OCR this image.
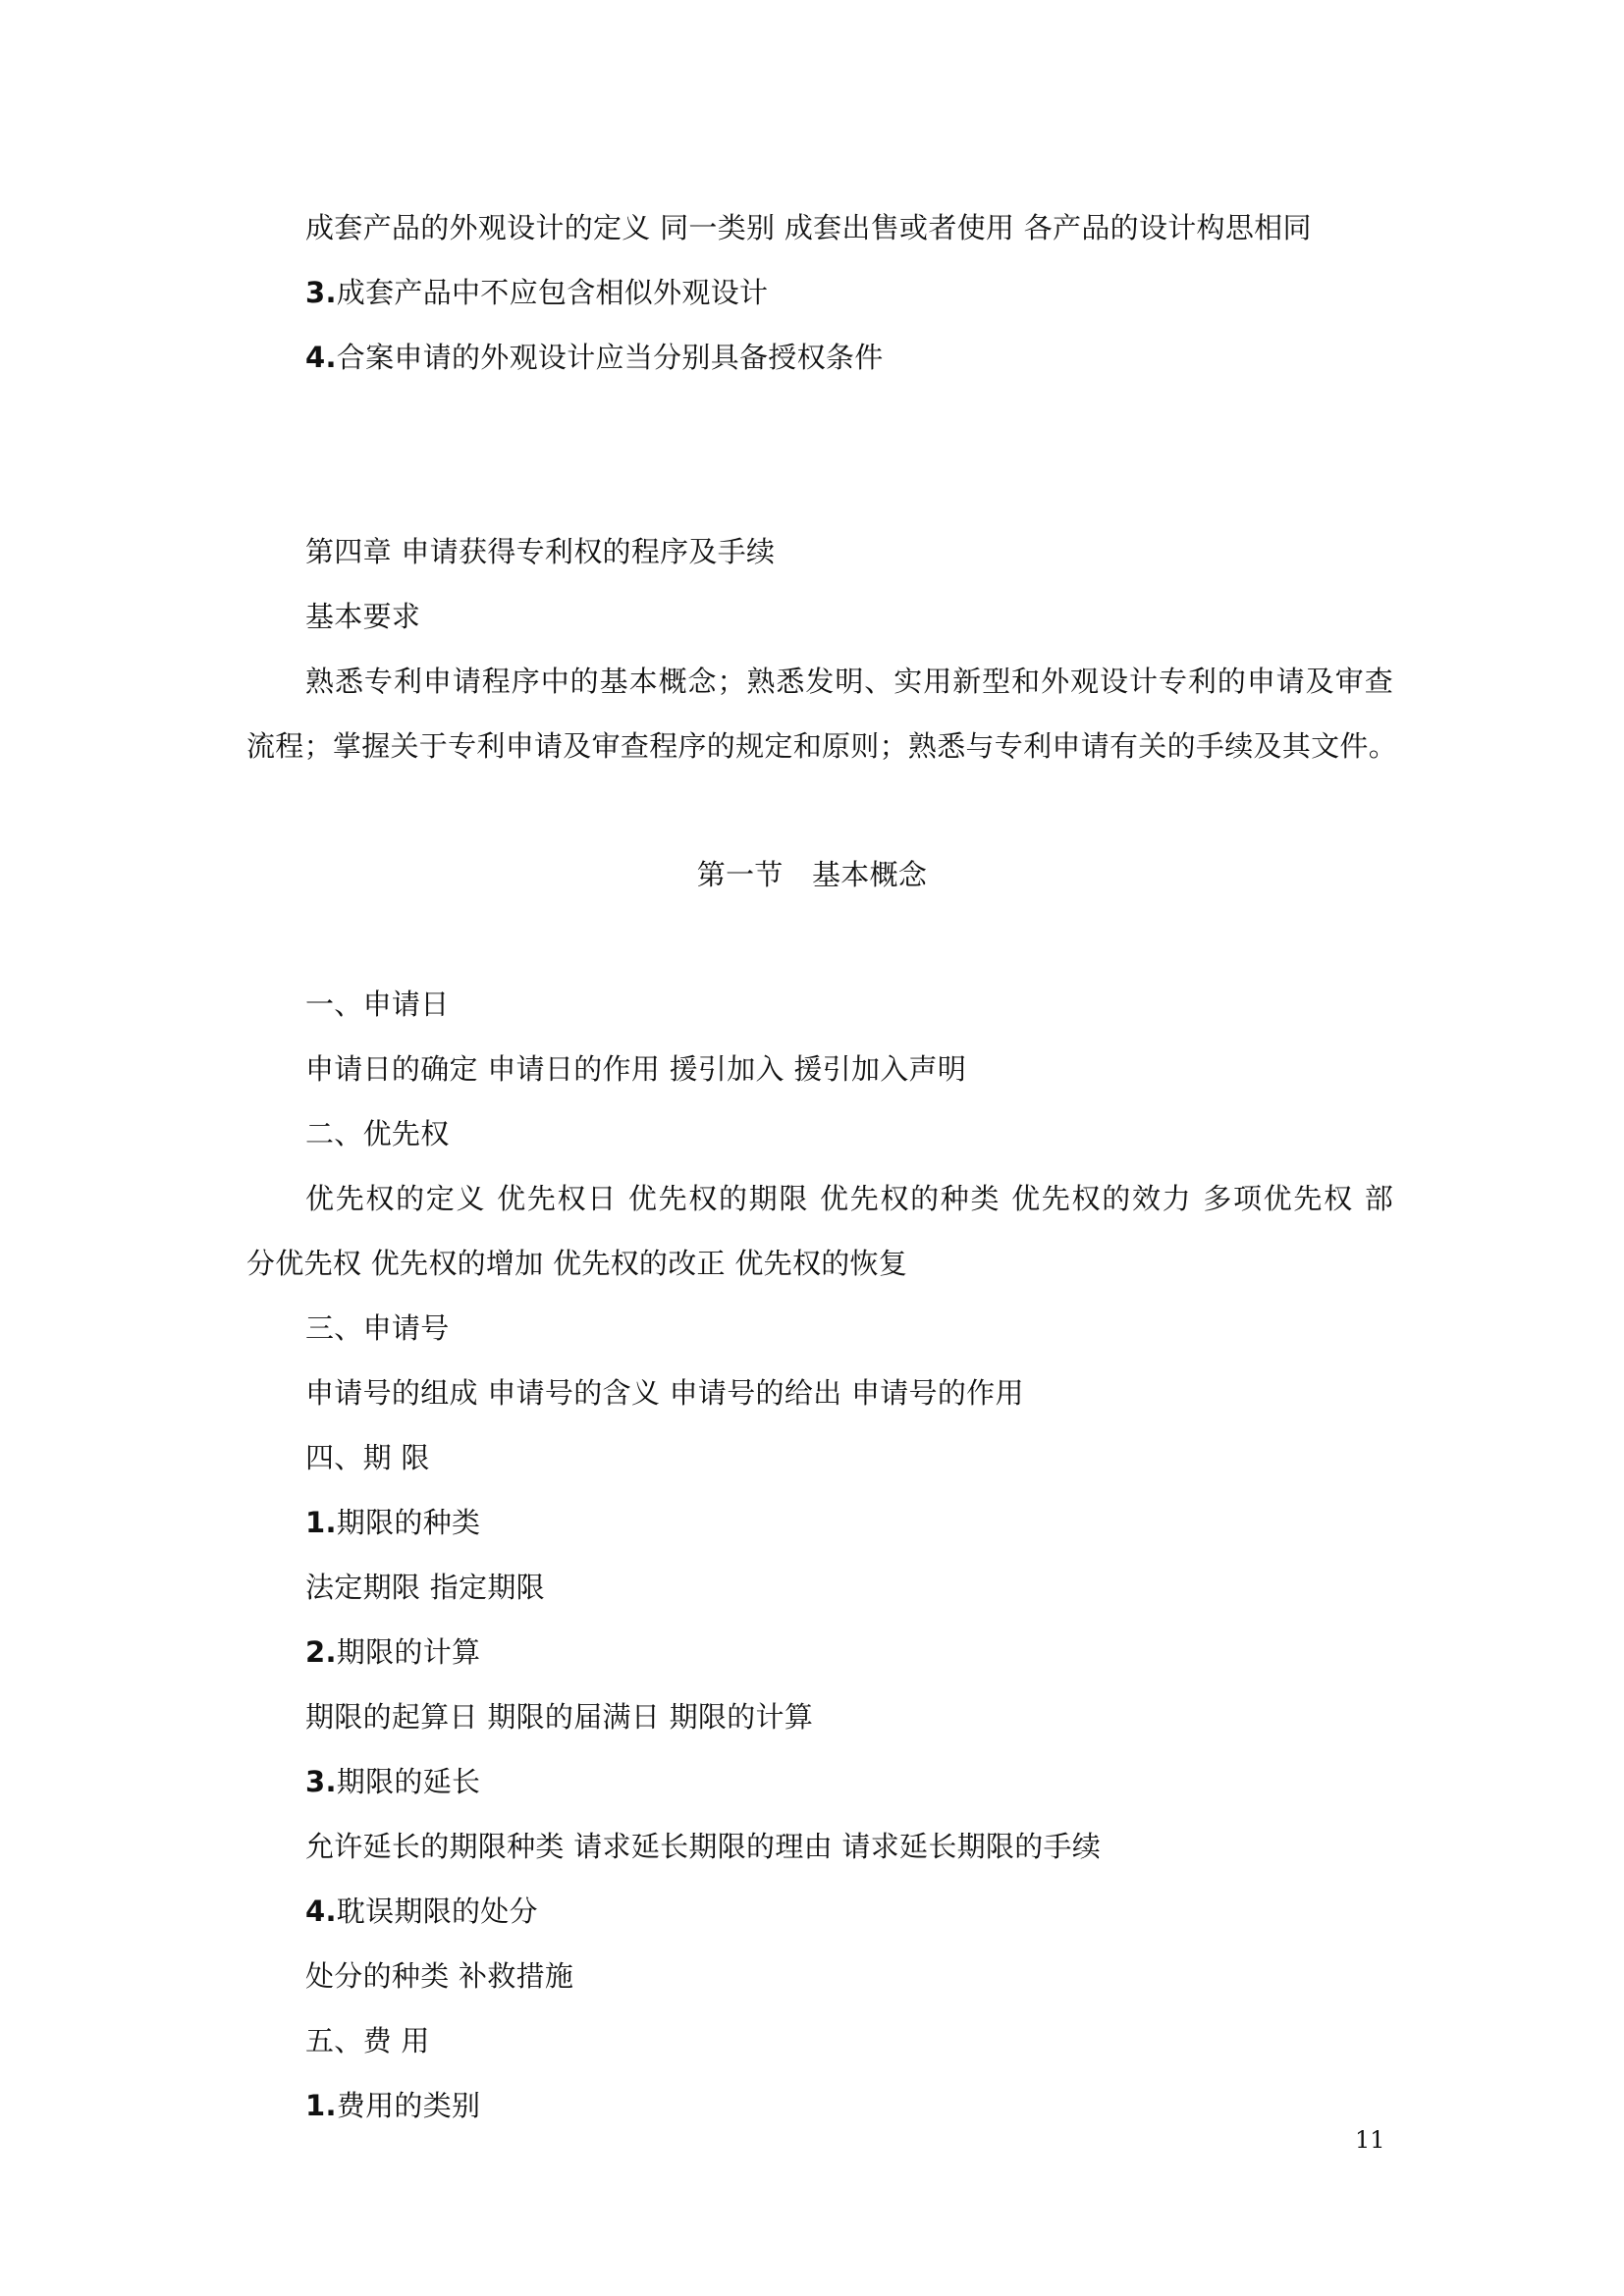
成套产品的外观设计的定义 同一类别 成套出售或者使用 各产品的设计构思相同
3.成套产品中不应包含相似外观设计
4.合案申请的外观设计应当分别具备授权条件
第四章 申请获得专利权的程序及手续
基本要求
熟悉专利申请程序中的基本概念；熟悉发明、实用新型和外观设计专利的申请及审查
流程；掌握关于专利申请及审查程序的规定和原则；熟悉与专利申请有关的手续及其文件。
第一节　基本概念
一、申请日
申请日的确定 申请日的作用 援引加入 援引加入声明
二、优先权
优先权的定义 优先权日 优先权的期限 优先权的种类 优先权的效力 多项优先权 部
分优先权 优先权的增加 优先权的改正 优先权的恢复
三、申请号
申请号的组成 申请号的含义 申请号的给出 申请号的作用
四、期 限
1.期限的种类
法定期限 指定期限
2.期限的计算
期限的起算日 期限的届满日 期限的计算
3.期限的延长
允许延长的期限种类 请求延长期限的理由 请求延长期限的手续
4.耽误期限的处分
处分的种类 补救措施
五、费 用
1.费用的类别
11
